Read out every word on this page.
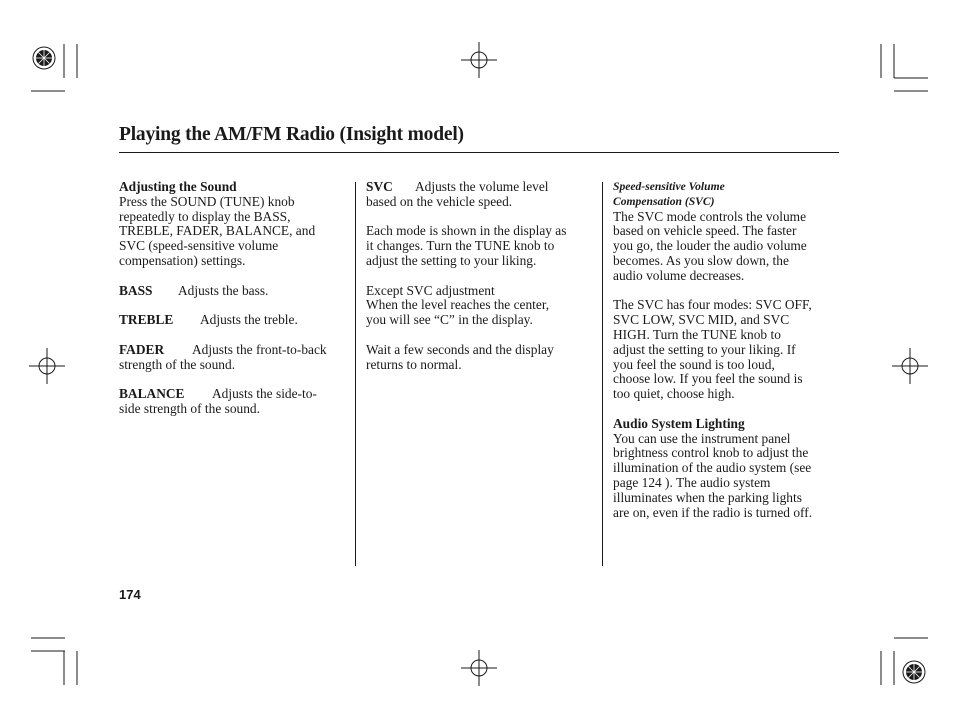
Playing the AM/FM Radio (Insight model)

Adjusting the Sound

Press the SOUND (TUNE) knob

repeatedly to display the BASS,

TREBLE, FADER, BALANCE, and

SVC (speed-sensitive volume

compensation) settings.

BASS Adjusts the bass.

TREBLE Adjusts the treble.

FADER Adjusts the front-to-back

strength of the sound.

BALANCE Adjusts the side-to-

side strength of the sound.

SVC Adjusts the volume level

based on the vehicle speed.

Each mode is shown in the display as

it changes. Turn the TUNE knob to

adjust the setting to your liking.

Except SVC adjustment

When the level reaches the center,

you will see “C” in the display.

Wait a few seconds and the display

returns to normal.

Speed-sensitive Volume

Compensation (SVC)

The SVC mode controls the volume

based on vehicle speed. The faster

you go, the louder the audio volume

becomes. As you slow down, the

audio volume decreases.

The SVC has four modes: SVC OFF,

SVC LOW, SVC MID, and SVC

HIGH. Turn the TUNE knob to

adjust the setting to your liking. If

you feel the sound is too loud,

choose low. If you feel the sound is

too quiet, choose high.

Audio System Lighting

You can use the instrument panel

brightness control knob to adjust the

illumination of the audio system (see

page 124 ). The audio system

illuminates when the parking lights

are on, even if the radio is turned off.

174
